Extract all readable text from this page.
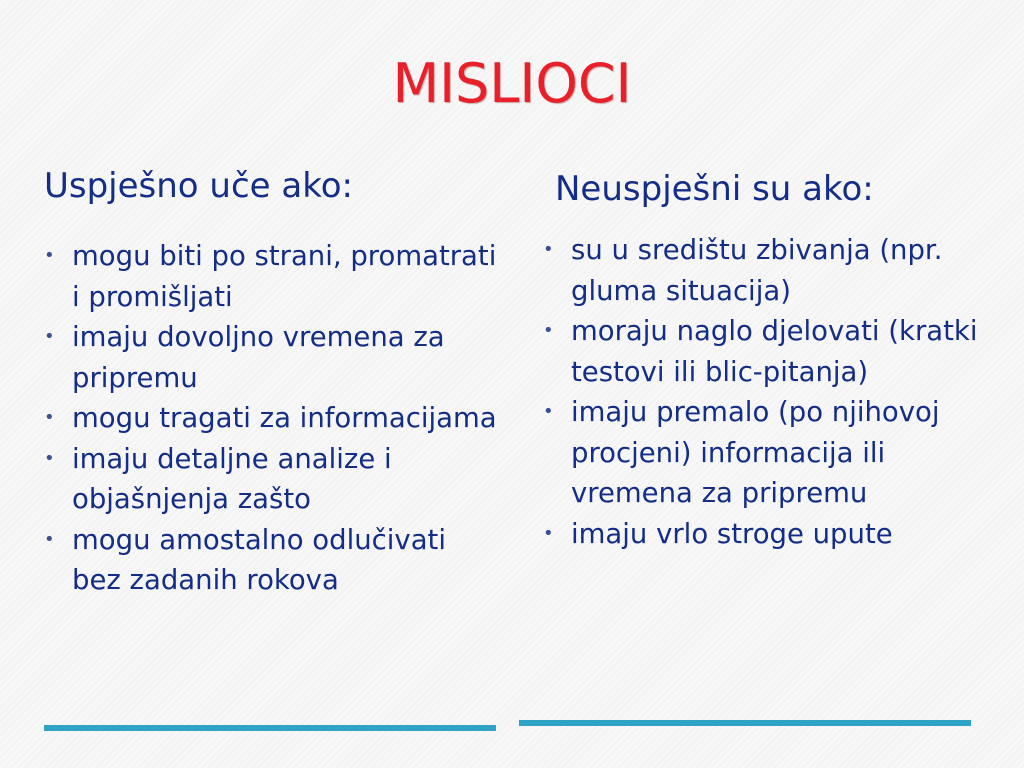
MISLIOCI
Uspješno uče ako:
• mogu biti po strani, promatrati i promišljati
• imaju dovoljno vremena za pripremu
• mogu tragati za informacijama
• imaju detaljne analize i objašnjenja zašto
• mogu amostalno odlučivati bez zadanih rokova
Neuspješni su ako:
• su u središtu zbivanja (npr. gluma situacija)
• moraju naglo djelovati (kratki testovi ili blic-pitanja)
• imaju premalo (po njihovoj procjeni) informacija ili vremena za pripremu
• imaju vrlo stroge upute
